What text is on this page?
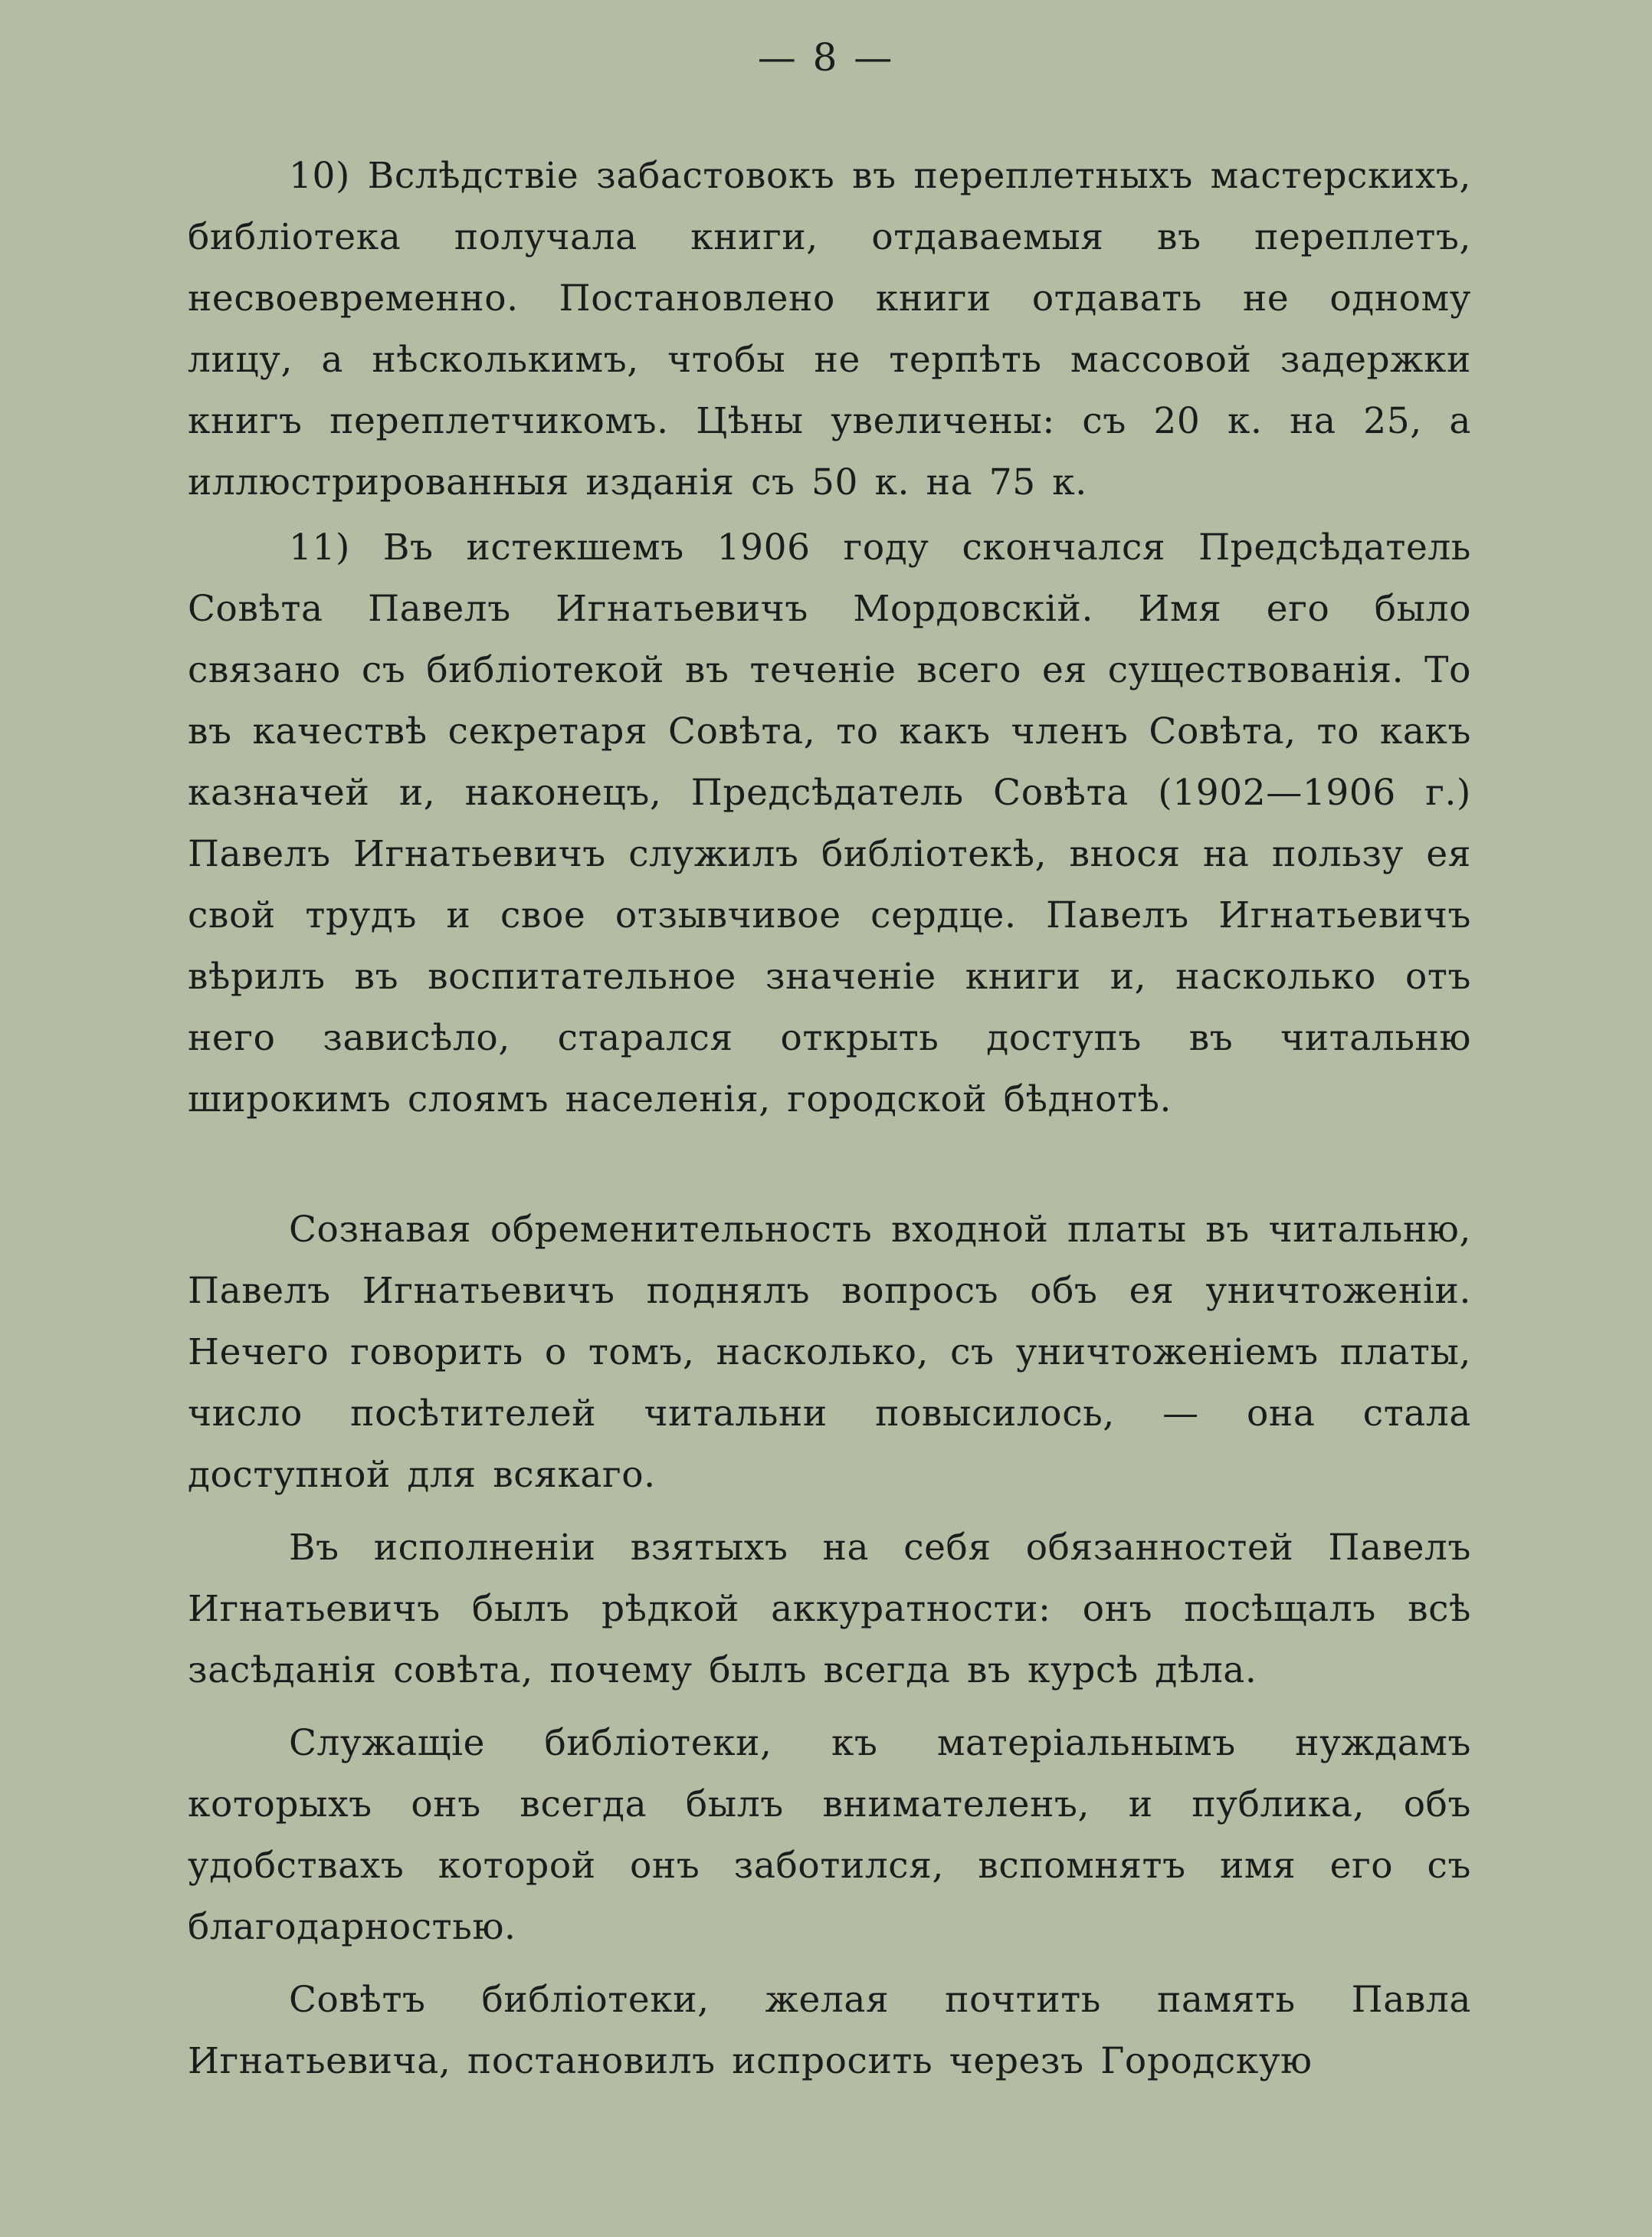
— 8 —

10) Вслѣдствіе забастовокъ въ переплетныхъ мастерскихъ, библіотека получала книги, отдаваемыя въ переплетъ, несвоевременно. Постановлено книги отдавать не одному лицу, а нѣсколькимъ, чтобы не терпѣть массовой задержки книгъ переплетчикомъ. Цѣны увеличены: съ 20 к. на 25, а иллюстрированныя изданія съ 50 к. на 75 к.

11) Въ истекшемъ 1906 году скончался Предсѣдатель Совѣта Павелъ Игнатьевичъ Мордовскій. Имя его было связано съ библіотекой въ теченіе всего ея существованія. То въ качествѣ секретаря Совѣта, то какъ членъ Совѣта, то какъ казначей и, наконецъ, Предсѣдатель Совѣта (1902—1906 г.) Павелъ Игнатьевичъ служилъ библіотекѣ, внося на пользу ея свой трудъ и свое отзывчивое сердце. Павелъ Игнатьевичъ вѣрилъ въ воспитательное значеніе книги и, насколько отъ него зависѣло, старался открыть доступъ въ читальню широкимъ слоямъ населенія, городской бѣднотѣ.

Сознавая обременительность входной платы въ читальню, Павелъ Игнатьевичъ поднялъ вопросъ объ ея уничтоженіи. Нечего говорить о томъ, насколько, съ уничтоженіемъ платы, число посѣтителей читальни повысилось, — она стала доступной для всякаго.

Въ исполненіи взятыхъ на себя обязанностей Павелъ Игнатьевичъ былъ рѣдкой аккуратности: онъ посѣщалъ всѣ засѣданія совѣта, почему былъ всегда въ курсѣ дѣла.

Служащіе библіотеки, къ матеріальнымъ нуждамъ которыхъ онъ всегда былъ внимателенъ, и публика, объ удобствахъ которой онъ заботился, вспомнятъ имя его съ благодарностью.

Совѣтъ библіотеки, желая почтить память Павла Игнатьевича, постановилъ испросить черезъ Городскую
